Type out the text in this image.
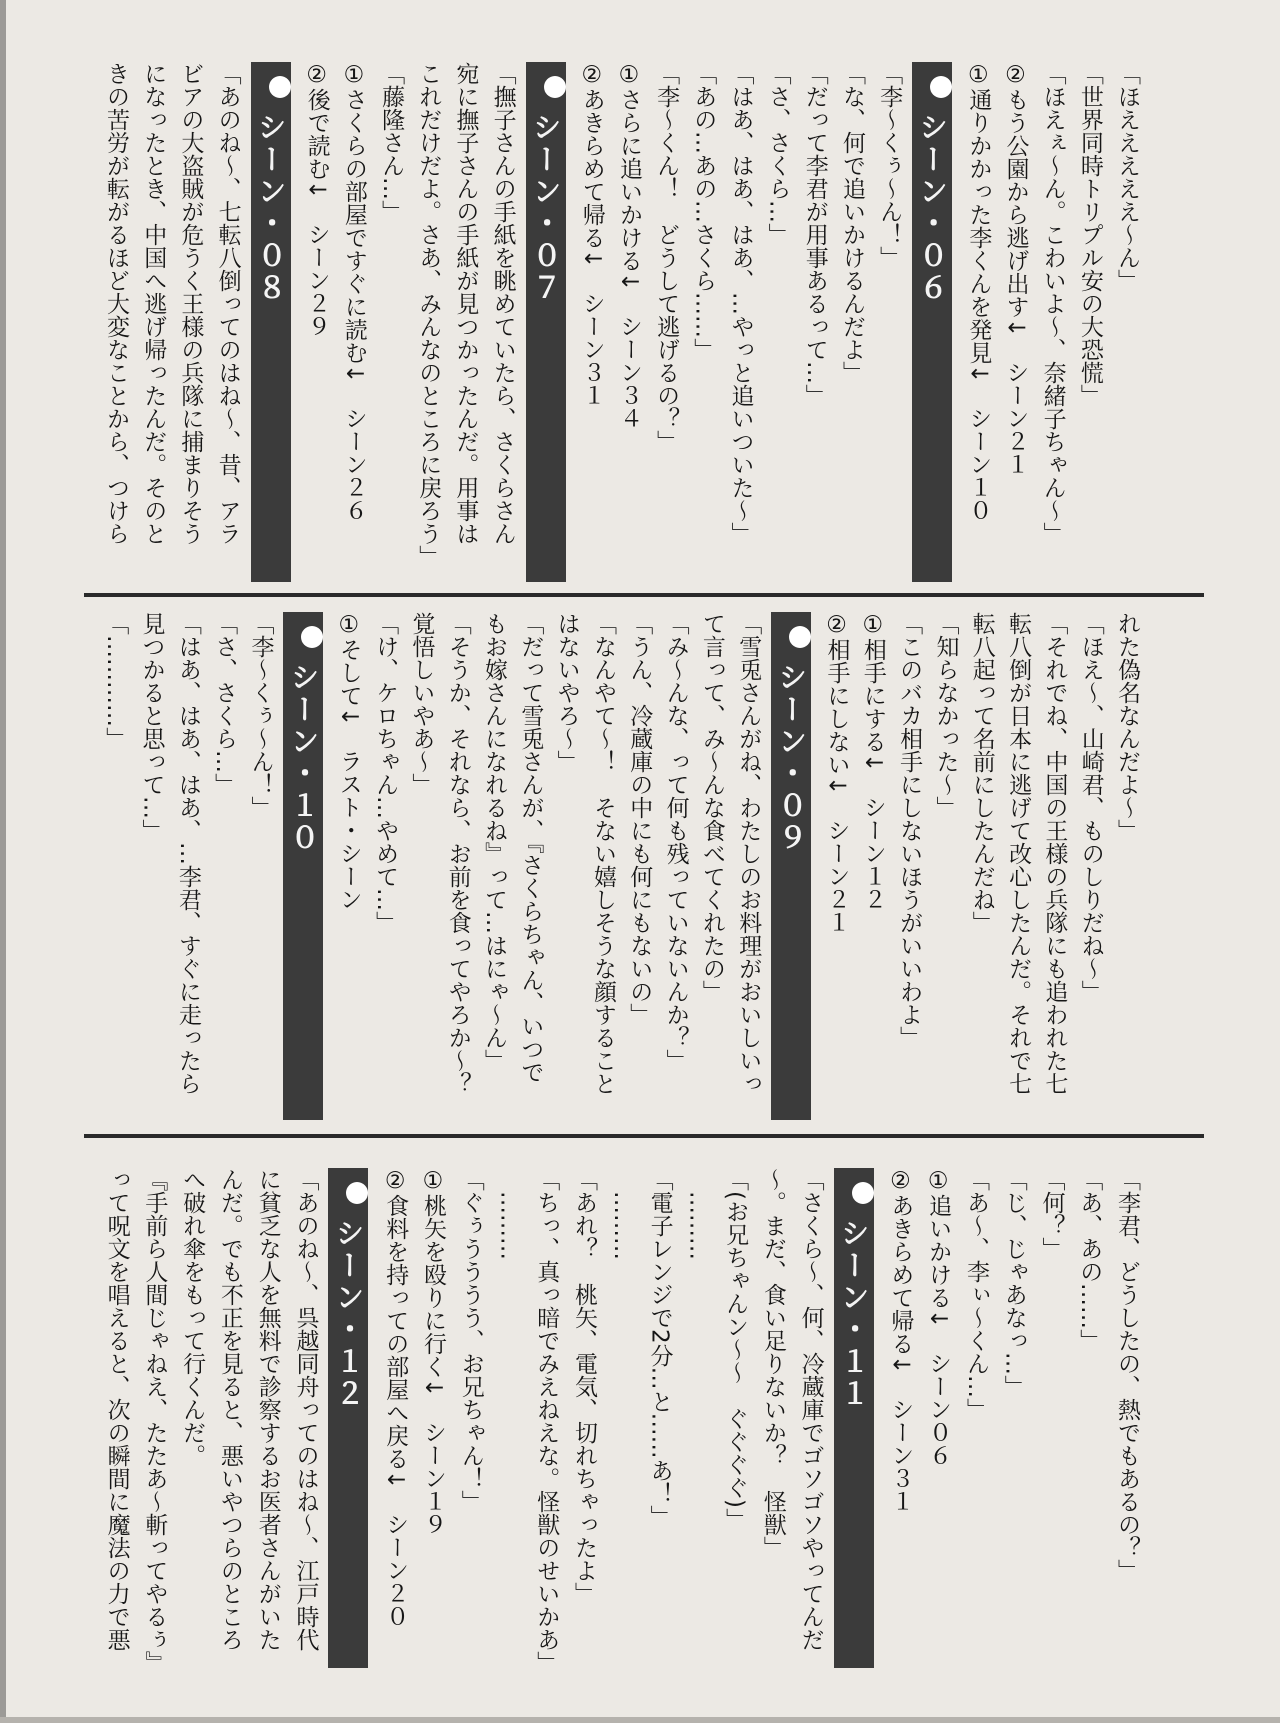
「ほえええええ～ん」
「世界同時トリプル安の大恐慌」
「ほえぇ～ん。こわいよ～、奈緒子ちゃん～」
②もう公園から逃げ出す
↓　シーン２１
①通りかかった李くんを発見
↓　シーン１０
シーン・０６
「李～くぅ～ん！」
「な、何で追いかけるんだよ」
「だって李君が用事あるって…」
「さ、さくら…」
「はあ、はあ、はあ、…やっと追いついた～」
「あの…あの…さくら……」
「李～くん！　どうして逃げるの？」
①さらに追いかける
↓　シーン３４
②あきらめて帰る
↓　シーン３１
シーン・０７
「撫子さんの手紙を眺めていたら、さくらさん
宛に撫子さんの手紙が見つかったんだ。用事は
これだけだよ。さあ、みんなのところに戻ろう」
「藤隆さん…」
①さくらの部屋ですぐに読む
↓　シーン２６
②後で読む
↓　シーン２９
シーン・０８
「あのね～、七転八倒ってのはね～、昔、アラ
ビアの大盗賊が危うく王様の兵隊に捕まりそう
になったとき、中国へ逃げ帰ったんだ。そのと
きの苦労が転がるほど大変なことから、つけら
れた偽名なんだよ～」
「ほえ～、山崎君、ものしりだね～」
「それでね、中国の王様の兵隊にも追われた七
転八倒が日本に逃げて改心したんだ。それで七
転八起って名前にしたんだね」
「知らなかった～」
「このバカ相手にしないほうがいいわよ」
①相手にする
↓　シーン１２
②相手にしない
↓　シーン２１
シーン・０９
「雪兎さんがね、わたしのお料理がおいしいっ
て言って、み～んな食べてくれたの」
「み～んな、って何も残っていないんか？」
「うん、冷蔵庫の中にも何にもないの」
「なんやて～！　そない嬉しそうな顔すること
はないやろ～」
「だって雪兎さんが、『さくらちゃん、いつで
もお嫁さんになれるね』って…はにゃ～ん」
「そうか、それなら、お前を食ってやろか～？
覚悟しいやあ～」
「け、ケロちゃん…やめて…」
①そして
↓　ラスト・シーン
シーン・１０
「李～くぅ～ん！」
「さ、さくら…」
「はあ、はあ、はあ、…李君、すぐに走ったら
見つかると思って…」
「…………」
「李君、どうしたの、熱でもあるの？」
「あ、あの……」
「何？」
「じ、じゃあなっ…」
「あ～、李ぃ～くん…」
①追いかける
↓　シーン０６
②あきらめて帰る
↓　シーン３１
シーン・１１
「さくら～、何、冷蔵庫でゴソゴソやってんだ
～。まだ、食い足りないか？　怪獣」
「(お兄ちゃんン～～　ぐぐぐぐ)」
　………
「電子レンジで2分…と……あ！」
　………
「あれ？　桃矢、電気、切れちゃったよ」
「ちっ、真っ暗でみえねえな。怪獣のせいかあ」
　………
「ぐぅうううう、お兄ちゃん！」
①桃矢を殴りに行く
↓　シーン１９
②食料を持っての部屋へ戻る
↓　シーン２０
シーン・１２
「あのね～、呉越同舟ってのはね～、江戸時代
に貧乏な人を無料で診察するお医者さんがいた
んだ。でも不正を見ると、悪いやつらのところ
へ破れ傘をもって行くんだ。
『手前ら人間じゃねえ、たたあ～斬ってやるぅ』
って呪文を唱えると、次の瞬間に魔法の力で悪
